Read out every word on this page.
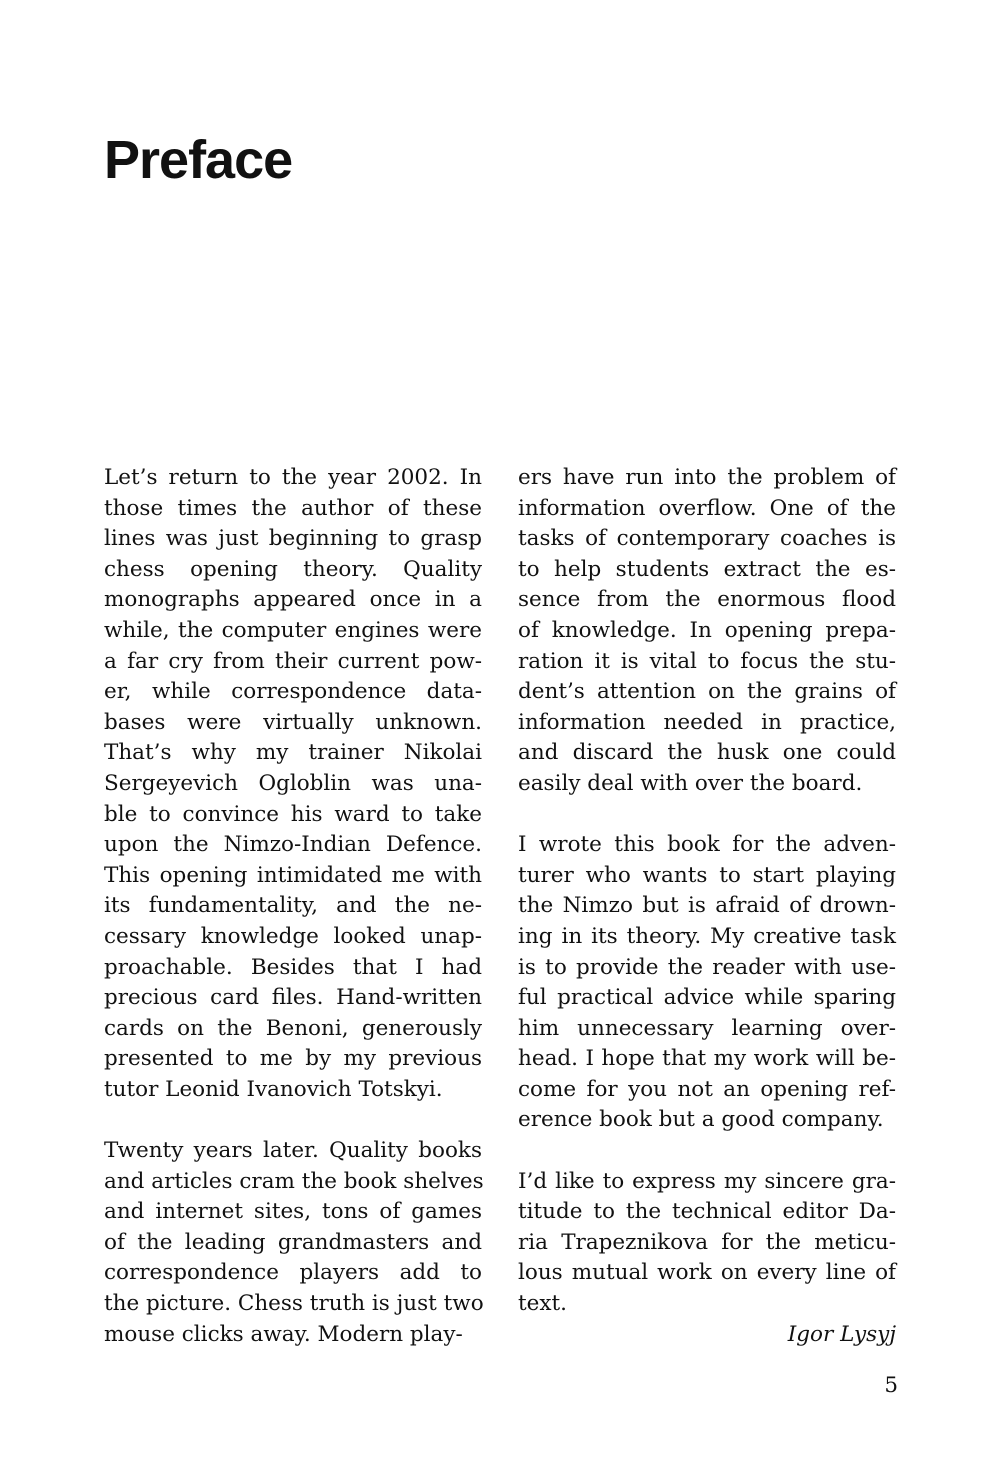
Preface
Let’s return to the year 2002. In
those times the author of these
lines was just beginning to grasp
chess opening theory. Quality
monographs appeared once in a
while, the computer engines were
a far cry from their current pow-
er, while correspondence data-
bases were virtually unknown.
That’s why my trainer Nikolai
Sergeyevich Ogloblin was una-
ble to convince his ward to take
upon the Nimzo-Indian Defence.
This opening intimidated me with
its fundamentality, and the ne-
cessary knowledge looked unap-
proachable. Besides that I had
precious card files. Hand-written
cards on the Benoni, generously
presented to me by my previous
tutor Leonid Ivanovich Totskyi.
Twenty years later. Quality books
and articles cram the book shelves
and internet sites, tons of games
of the leading grandmasters and
correspondence players add to
the picture. Chess truth is just two
mouse clicks away. Modern play-
ers have run into the problem of
information overflow. One of the
tasks of contemporary coaches is
to help students extract the es-
sence from the enormous flood
of knowledge. In opening prepa-
ration it is vital to focus the stu-
dent’s attention on the grains of
information needed in practice,
and discard the husk one could
easily deal with over the board.
I wrote this book for the adven-
turer who wants to start playing
the Nimzo but is afraid of drown-
ing in its theory. My creative task
is to provide the reader with use-
ful practical advice while sparing
him unnecessary learning over-
head. I hope that my work will be-
come for you not an opening ref-
erence book but a good company.
I’d like to express my sincere gra-
titude to the technical editor Da-
ria Trapeznikova for the meticu-
lous mutual work on every line of
text.
Igor Lysyj
5
